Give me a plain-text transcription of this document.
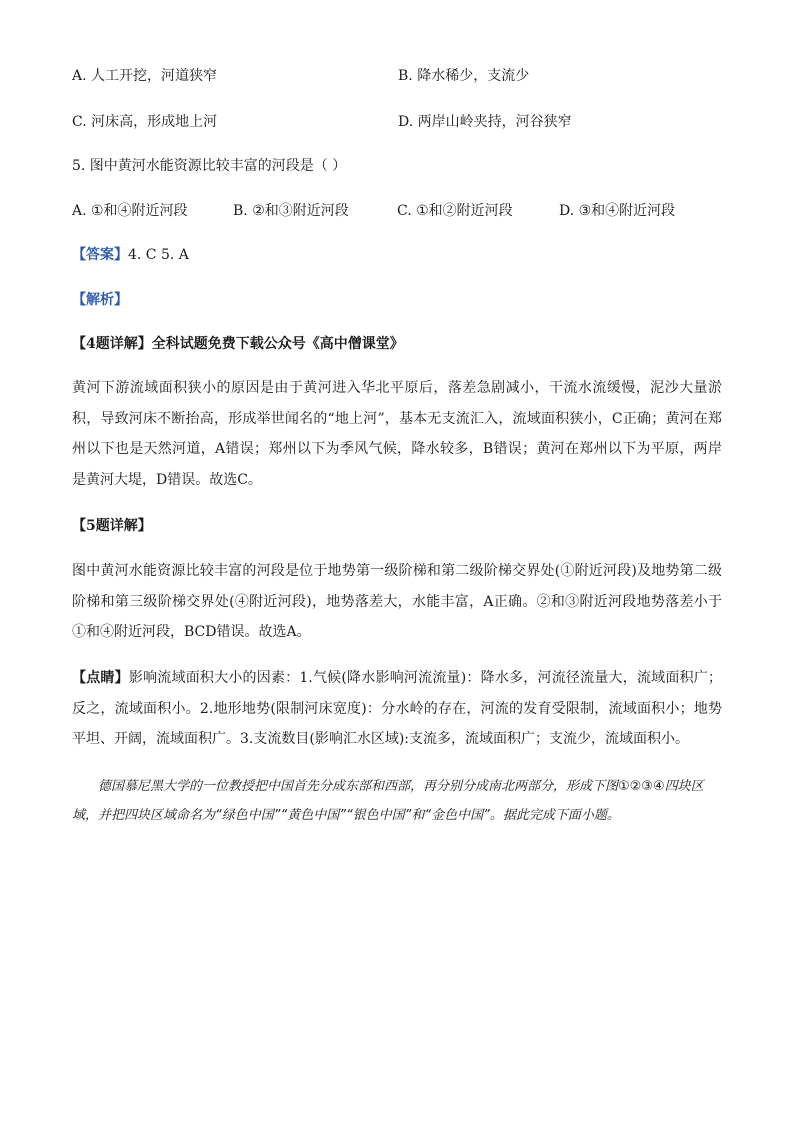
A. 人工开挖，河道狭窄	B. 降水稀少，支流少
C. 河床高，形成地上河	D. 两岸山岭夹持，河谷狭窄
5. 图中黄河水能资源比较丰富的河段是（ ）
A. ①和④附近河段	B. ②和③附近河段	C. ①和②附近河段	D. ③和④附近河段
【答案】4. C 5. A
【解析】
【4题详解】全科试题免费下载公众号《高中僧课堂》

黄河下游流域面积狭小的原因是由于黄河进入华北平原后，落差急剧减小，干流水流缓慢，泥沙大量淤积，导致河床不断抬高，形成举世闻名的“地上河”，基本无支流汇入，流域面积狭小，C正确；黄河在郑州以下也是天然河道，A错误；郑州以下为季风气候，降水较多，B错误；黄河在郑州以下为平原，两岸是黄河大堤，D错误。故选C。

【5题详解】

图中黄河水能资源比较丰富的河段是位于地势第一级阶梯和第二级阶梯交界处(①附近河段)及地势第二级阶梯和第三级阶梯交界处(④附近河段)，地势落差大，水能丰富，A正确。②和③附近河段地势落差小于①和④附近河段，BCD错误。故选A。

【点睛】影响流域面积大小的因素：1.气候(降水影响河流流量)：降水多，河流径流量大，流域面积广；反之，流域面积小。2.地形地势(限制河床宽度)：分水岭的存在，河流的发育受限制，流域面积小；地势平坦、开阔，流域面积广。3.支流数目(影响汇水区域):支流多，流域面积广；支流少，流域面积小。

德国慕尼黑大学的一位教授把中国首先分成东部和西部，再分别分成南北两部分，形成下图①②③④四块区域，并把四块区域命名为“绿色中国”“黄色中国”“银色中国”和“金色中国”。据此完成下面小题。
